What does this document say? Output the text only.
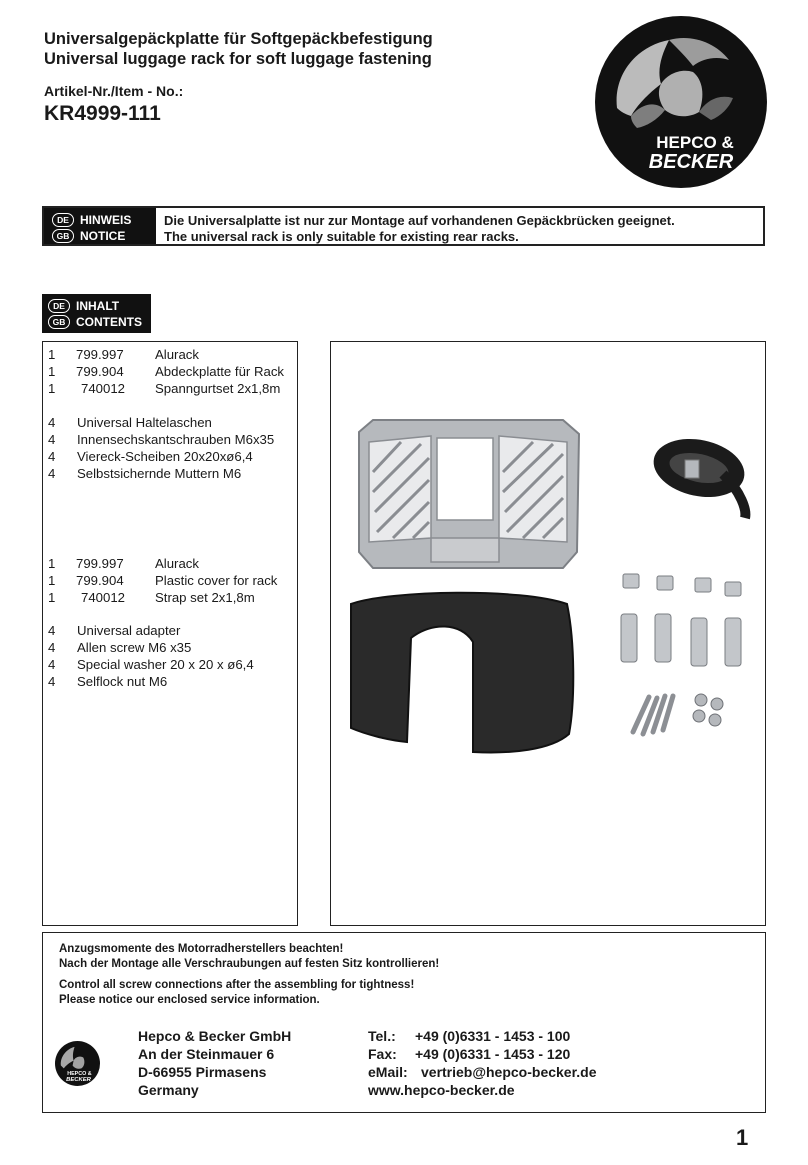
Universalgepäckplatte für Softgepäckbefestigung
Universal luggage rack for soft luggage fastening
Artikel-Nr./Item - No.:
KR4999-111
HEPCO &
BECKER
DE HINWEIS
GB NOTICE
Die Universalplatte ist nur zur Montage auf vorhandenen Gepäckbrücken geeignet.
The universal rack is only suitable for existing rear racks.
DE INHALT
GB CONTENTS
1 799.997 Alurack
1 799.904 Abdeckplatte für Rack
1 740012 Spanngurtset 2x1,8m
4 Universal Haltelaschen
4 Innensechskantschrauben M6x35
4 Viereck-Scheiben 20x20xø6,4
4 Selbstsichernde Muttern M6
1 799.997 Alurack
1 799.904 Plastic cover for rack
1 740012 Strap set 2x1,8m
4 Universal adapter
4 Allen screw M6 x35
4 Special washer 20 x 20 x ø6,4
4 Selflock nut M6
Anzugsmomente des Motorradherstellers beachten!
Nach der Montage alle Verschraubungen auf festen Sitz kontrollieren!
Control all screw connections after the assembling for tightness!
Please notice our enclosed service information.
HEPCO &
BECKER
Hepco & Becker GmbH
An der Steinmauer 6
D-66955 Pirmasens
Germany
Tel.: +49 (0)6331 - 1453 - 100
Fax: +49 (0)6331 - 1453 - 120
eMail: vertrieb@hepco-becker.de
www.hepco-becker.de
1
